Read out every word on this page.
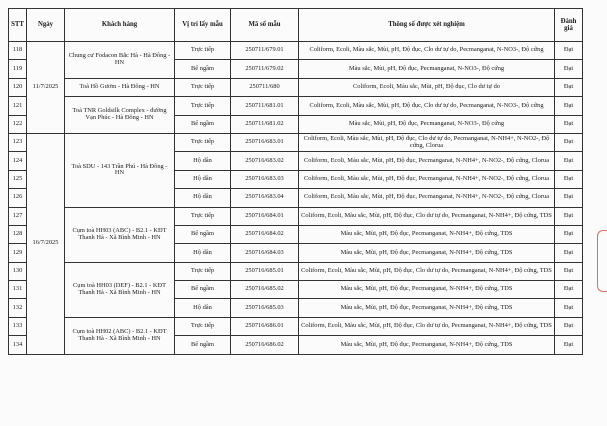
STT	Ngày	Khách hàng	Vị trí lấy mẫu	Mã số mẫu	Thông số được xét nghiệm	Đánh giá
118	11/7/2025	Chung cư Fodacon Bắc Hà - Hà Đông - HN	Trực tiếp	250711/679.01	Coliform, Ecoli, Màu sắc, Mùi, pH, Độ đục, Clo dư tự do, Pecmanganat, N-NO3-, Độ cứng	Đạt
119			Bể ngầm	250711/679.02	Màu sắc, Mùi, pH, Độ đục, Pecmanganat, N-NO3-, Độ cứng	Đạt
120		Toà Hồ Gươm - Hà Đông - HN	Trực tiếp	250711/680	Coliform, Ecoli, Màu sắc, Mùi, pH, Độ đục, Clo dư tự do	Đạt
121		Toà TNR Goldsilk Complex - đường Vạn Phúc - Hà Đông - HN	Trực tiếp	250711/681.01	Coliform, Ecoli, Màu sắc, Mùi, pH, Độ đục, Clo dư tự do, Pecmanganat, N-NO3-, Độ cứng	Đạt
122			Bể ngầm	250711/681.02	Màu sắc, Mùi, pH, Độ đục, Pecmanganat, N-NO3-, Độ cứng	Đạt
123	16/7/2025	Toà SDU - 143 Trần Phú - Hà Đông - HN	Trực tiếp	250716/683.01	Coliform, Ecoli, Màu sắc, Mùi, pH, Độ đục, Clo dư tự do, Pecmanganat, N-NH4+, N-NO2-, Độ cứng, Clorua	Đạt
124			Hộ dân	250716/683.02	Coliform, Ecoli, Màu sắc, Mùi, pH, Độ đục, Pecmanganat, N-NH4+, N-NO2-, Độ cứng, Clorua	Đạt
125			Hộ dân	250716/683.03	Coliform, Ecoli, Màu sắc, Mùi, pH, Độ đục, Pecmanganat, N-NH4+, N-NO2-, Độ cứng, Clorua	Đạt
126			Hộ dân	250716/683.04	Coliform, Ecoli, Màu sắc, Mùi, pH, Độ đục, Pecmanganat, N-NH4+, N-NO2-, Độ cứng, Clorua	Đạt
127		Cụm toà HH03 (ABC) - B2.1 - KĐT Thanh Hà - Xã Bình Minh - HN	Trực tiếp	250716/684.01	Coliform, Ecoli, Màu sắc, Mùi, pH, Độ đục, Clo dư tự do, Pecmanganat, N-NH4+, Độ cứng, TDS	Đạt
128			Bể ngầm	250716/684.02	Màu sắc, Mùi, pH, Độ đục, Pecmanganat, N-NH4+, Độ cứng, TDS	Đạt
129			Hộ dân	250716/684.03	Màu sắc, Mùi, pH, Độ đục, Pecmanganat, N-NH4+, Độ cứng, TDS	Đạt
130		Cụm toà HH03 (DEF) - B2.1 - KĐT Thanh Hà - Xã Bình Minh - HN	Trực tiếp	250716/685.01	Coliform, Ecoli, Màu sắc, Mùi, pH, Độ đục, Clo dư tự do, Pecmanganat, N-NH4+, Độ cứng, TDS	Đạt
131			Bể ngầm	250716/685.02	Màu sắc, Mùi, pH, Độ đục, Pecmanganat, N-NH4+, Độ cứng, TDS	Đạt
132			Hộ dân	250716/685.03	Màu sắc, Mùi, pH, Độ đục, Pecmanganat, N-NH4+, Độ cứng, TDS	Đạt
133		Cụm toà HH02 (ABC) - B2.1 - KĐT Thanh Hà - Xã Bình Minh - HN	Trực tiếp	250716/686.01	Coliform, Ecoli, Màu sắc, Mùi, pH, Độ đục, Clo dư tự do, Pecmanganat, N-NH4+, Độ cứng, TDS	Đạt
134			Bể ngầm	250716/686.02	Màu sắc, Mùi, pH, Độ đục, Pecmanganat, N-NH4+, Độ cứng, TDS	Đạt
